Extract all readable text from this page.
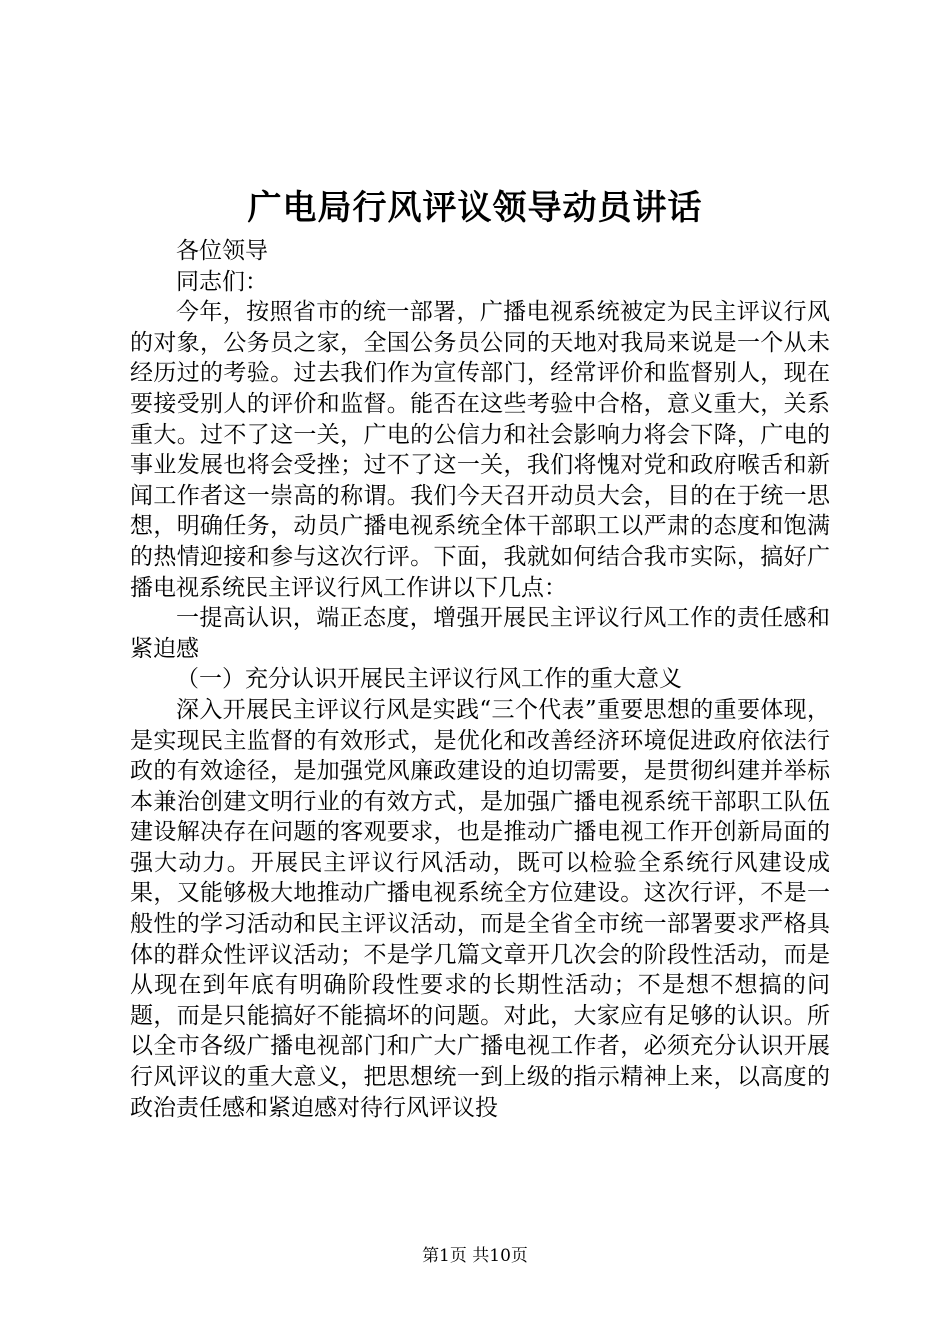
广电局行风评议领导动员讲话

各位领导

同志们：

今年，按照省市的统一部署，广播电视系统被定为民主评议行风的对象，公务员之家，全国公务员公同的天地对我局来说是一个从未经历过的考验。过去我们作为宣传部门，经常评价和监督别人，现在要接受别人的评价和监督。能否在这些考验中合格，意义重大，关系重大。过不了这一关，广电的公信力和社会影响力将会下降，广电的事业发展也将会受挫；过不了这一关，我们将愧对党和政府喉舌和新闻工作者这一崇高的称谓。我们今天召开动员大会，目的在于统一思想，明确任务，动员广播电视系统全体干部职工以严肃的态度和饱满的热情迎接和参与这次行评。下面，我就如何结合我市实际，搞好广播电视系统民主评议行风工作讲以下几点：

一提高认识，端正态度，增强开展民主评议行风工作的责任感和紧迫感

（一）充分认识开展民主评议行风工作的重大意义

深入开展民主评议行风是实践“三个代表”重要思想的重要体现，是实现民主监督的有效形式，是优化和改善经济环境促进政府依法行政的有效途径，是加强党风廉政建设的迫切需要，是贯彻纠建并举标本兼治创建文明行业的有效方式，是加强广播电视系统干部职工队伍建设解决存在问题的客观要求，也是推动广播电视工作开创新局面的强大动力。开展民主评议行风活动，既可以检验全系统行风建设成果，又能够极大地推动广播电视系统全方位建设。这次行评，不是一般性的学习活动和民主评议活动，而是全省全市统一部署要求严格具体的群众性评议活动；不是学几篇文章开几次会的阶段性活动，而是从现在到年底有明确阶段性要求的长期性活动；不是想不想搞的问题，而是只能搞好不能搞坏的问题。对此，大家应有足够的认识。所以全市各级广播电视部门和广大广播电视工作者，必须充分认识开展行风评议的重大意义，把思想统一到上级的指示精神上来，以高度的政治责任感和紧迫感对待行风评议投

第1页 共10页
